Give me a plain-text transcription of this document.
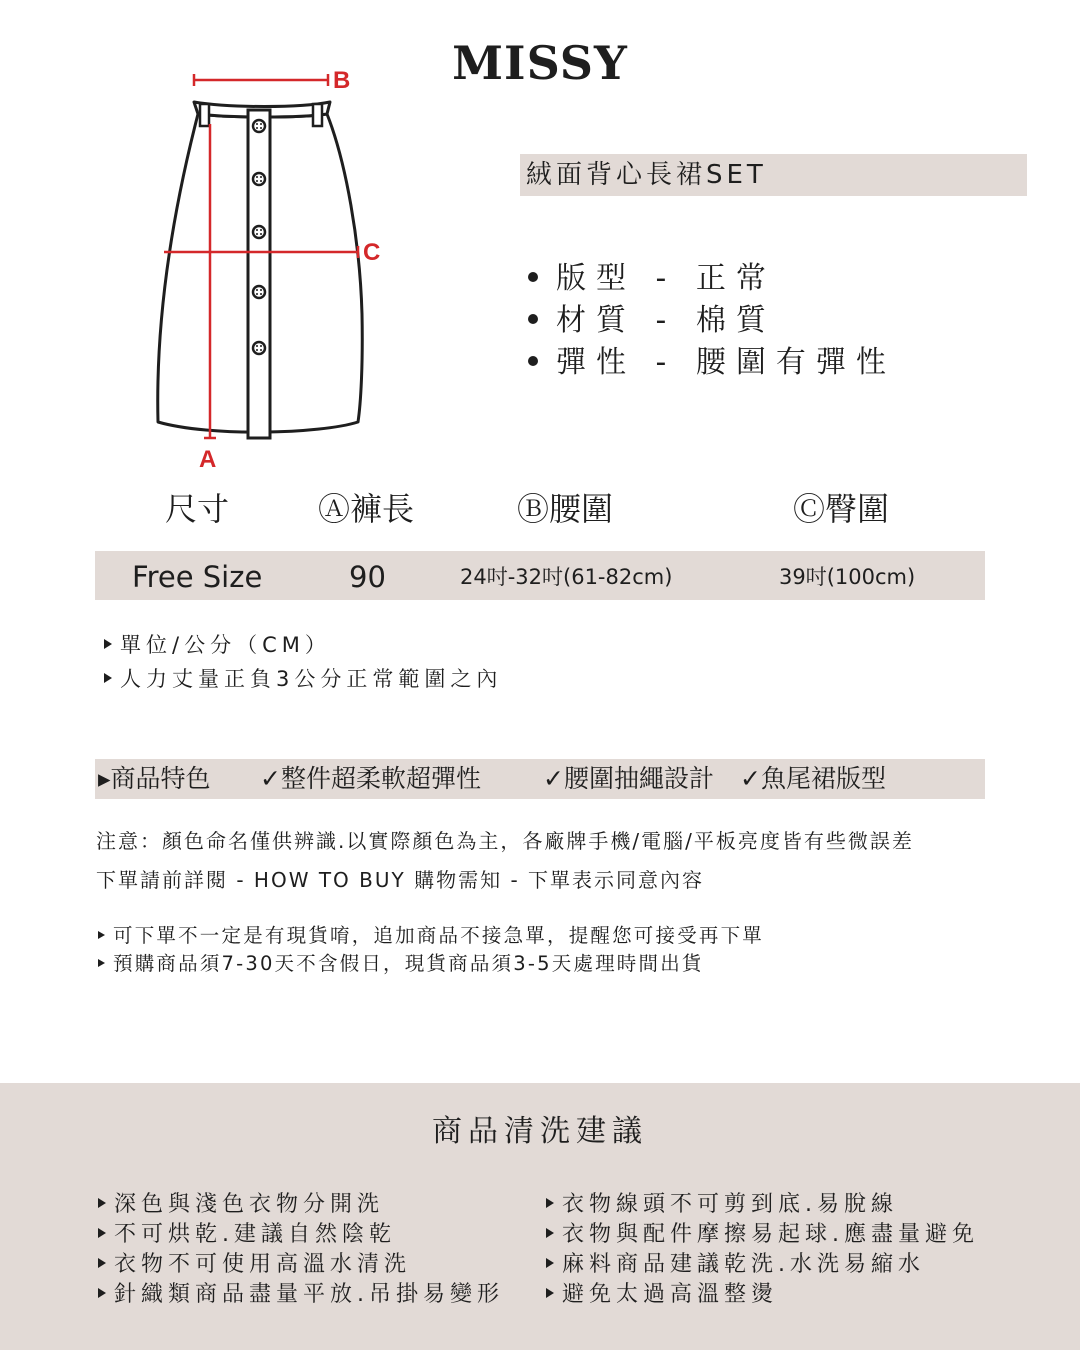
MISSY
B
C
A
絨面背心長裙SET
版型 - 正常
材質 - 棉質
彈性 - 腰圍有彈性
尺寸	Ⓐ褲長	Ⓑ腰圍	Ⓒ臀圍
Free Size	90	24吋-32吋(61-82cm)	39吋(100cm)
單位/公分（CM）
人力丈量正負3公分正常範圍之內
▸商品特色 ✓整件超柔軟超彈性 ✓腰圍抽繩設計 ✓魚尾裙版型
注意：顏色命名僅供辨識.以實際顏色為主，各廠牌手機/電腦/平板亮度皆有些微誤差
下單請前詳閱 - HOW TO BUY 購物需知 - 下單表示同意內容
可下單不一定是有現貨唷，追加商品不接急單，提醒您可接受再下單
預購商品須7-30天不含假日，現貨商品須3-5天處理時間出貨
商品清洗建議
深色與淺色衣物分開洗
不可烘乾.建議自然陰乾
衣物不可使用高溫水清洗
針織類商品盡量平放.吊掛易變形
衣物線頭不可剪到底.易脫線
衣物與配件摩擦易起球.應盡量避免
麻料商品建議乾洗.水洗易縮水
避免太過高溫整燙
